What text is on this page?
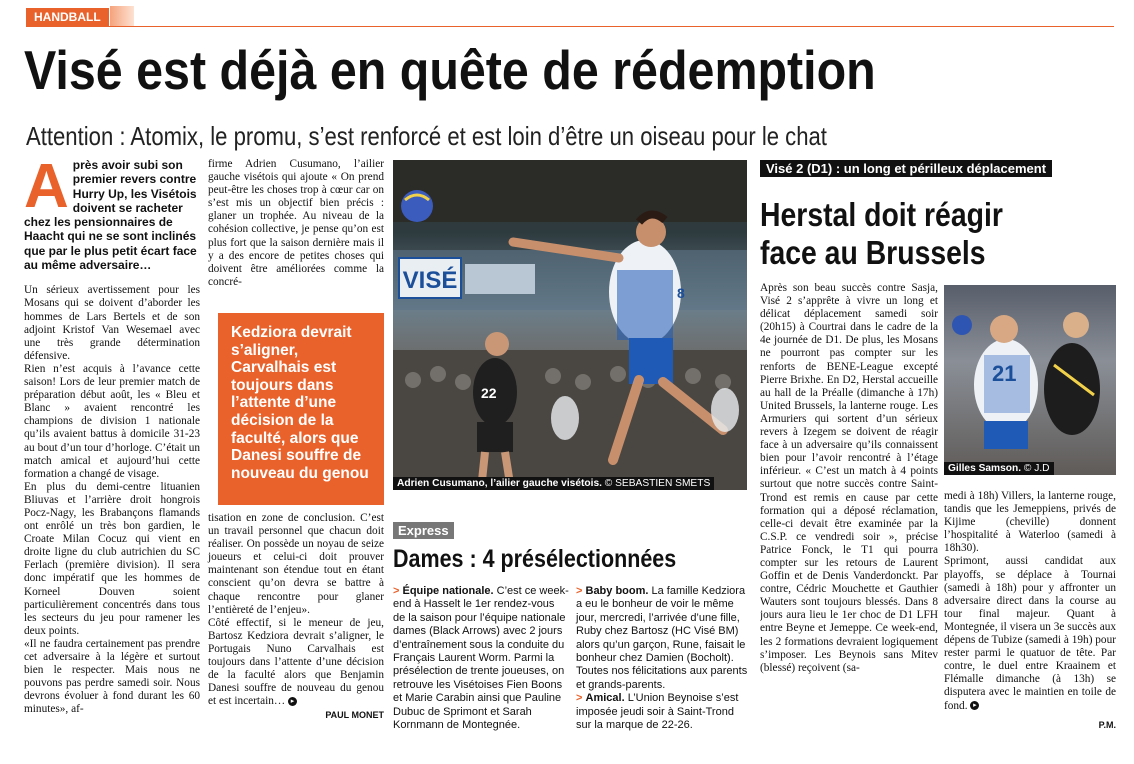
HANDBALL
Visé est déjà en quête de rédemption
Attention : Atomix, le promu, s’est renforcé et est loin d’être un oiseau pour le chat
A près avoir subi son premier revers contre Hurry Up, les Visétois doivent se racheter chez les pensionnaires de Haacht qui ne se sont inclinés que par le plus petit écart face au même adversaire…

Un sérieux avertissement pour les Mosans qui se doivent d’aborder les hommes de Lars Bertels et de son adjoint Kristof Van Wesemael avec une très grande détermination défensive.

Rien n’est acquis à l’avance cette saison! Lors de leur premier match de préparation début août, les « Bleu et Blanc » avaient rencontré les champions de division 1 nationale qu’ils avaient battus à domicile 31-23 au bout d’un tour d’horloge. C’était un match amical et aujourd’hui cette formation a changé de visage.

En plus du demi-centre lituanien Bliuvas et l’arrière droit hongrois Pocz-Nagy, les Brabançons flamands ont enrôlé un très bon gardien, le Croate Milan Cocuz qui vient en droite ligne du club autrichien du SC Ferlach (première division). Il sera donc impératif que les hommes de Korneel Douven soient particulièrement concentrés dans tous les secteurs du jeu pour ramener les deux points.

«Il ne faudra certainement pas prendre cet adversaire à la légère et surtout bien le respecter. Mais nous ne pouvons pas perdre samedi soir. Nous devrons évoluer à fond durant les 60 minutes», af-

firme Adrien Cusumano, l’ailier gauche visétois qui ajoute « On prend peut-être les choses trop à cœur car on s’est mis un objectif bien précis : glaner un trophée. Au niveau de la cohésion collective, je pense qu’on est plus fort que la saison dernière mais il y a des encore de petites choses qui doivent être améliorées comme la concré-

Kedziora devrait s’aligner, Carvalhais est toujours dans l’attente d’une décision de la faculté, alors que Danesi souffre de nouveau du genou

tisation en zone de conclusion. C’est un travail personnel que chacun doit réaliser. On possède un noyau de seize joueurs et celui-ci doit prouver maintenant son étendue tout en étant conscient qu’on devra se battre à chaque rencontre pour glaner l’entièreté de l’enjeu».

Côté effectif, si le meneur de jeu, Bartosz Kedziora devrait s’aligner, le Portugais Nuno Carvalhais est toujours dans l’attente d’une décision de la faculté alors que Benjamin Danesi souffre de nouveau du genou et est incertain… ▸
PAUL MONET
VISÉ	8
22
Adrien Cusumano, l’ailier gauche visétois. © SEBASTIEN SMETS
Express
Dames : 4 présélectionnées
> Équipe nationale. C’est ce week-end à Hasselt le 1er rendez-vous de la saison pour l’équipe nationale dames (Black Arrows) avec 2 jours d’entraînement sous la conduite du Français Laurent Worm. Parmi la présélection de trente joueuses, on retrouve les Visétoises Fien Boons et Marie Carabin ainsi que Pauline Dubuc de Sprimont et Sarah Kornmann de Montegnée.
> Baby boom. La famille Kedziora a eu le bonheur de voir le même jour, mercredi, l’arrivée d’une fille, Ruby chez Bartosz (HC Visé BM) alors qu’un garçon, Rune, faisait le bonheur chez Damien (Bocholt). Toutes nos félicitations aux parents et grands-parents.
> Amical. L’Union Beynoise s’est imposée jeudi soir à Saint-Trond sur la marque de 22-26.
Visé 2 (D1) : un long et périlleux déplacement
Herstal doit réagir
face au Brussels

Après son beau succès contre Sasja, Visé 2 s’apprête à vivre un long et délicat déplacement samedi soir (20h15) à Courtrai dans le cadre de la 4e journée de D1. De plus, les Mosans ne pourront pas compter sur les renforts de BENE-League excepté Pierre Brixhe. En D2, Herstal accueille au hall de la Préalle (dimanche à 17h) United Brussels, la lanterne rouge. Les Armuriers qui sortent d’un sérieux revers à Izegem se doivent de réagir face à un adversaire qu’ils connaissent bien pour l’avoir rencontré à l’étage inférieur. « C’est un match à 4 points surtout que notre succès contre Saint-Trond est remis en cause par cette formation qui a déposé réclamation, celle-ci devait être examinée par la C.S.P. ce vendredi soir », précise Patrice Fonck, le T1 qui pourra compter sur les retours de Laurent Goffin et de Denis Vanderdonckt. Par contre, Cédric Mouchette et Gauthier Wauters sont toujours blessés. Dans 8 jours aura lieu le 1er choc de D1 LFH entre Beyne et Jemeppe. Ce week-end, les 2 formations devraient logiquement s’imposer. Les Beynois sans Mitev (blessé) reçoivent (sa-

21
Gilles Samson. © J.D

medi à 18h) Villers, la lanterne rouge, tandis que les Jemeppiens, privés de Kijime (cheville) donnent l’hospitalité à Waterloo (samedi à 18h30).

Sprimont, aussi candidat aux playoffs, se déplace à Tournai (samedi à 18h) pour y affronter un adversaire direct dans la course au tour final majeur. Quant à Montegnée, il visera un 3e succès aux dépens de Tubize (samedi à 19h) pour rester parmi le quatuor de tête. Par contre, le duel entre Kraainem et Flémalle dimanche (à 13h) se disputera avec le maintien en toile de fond. ▸
P.M.
